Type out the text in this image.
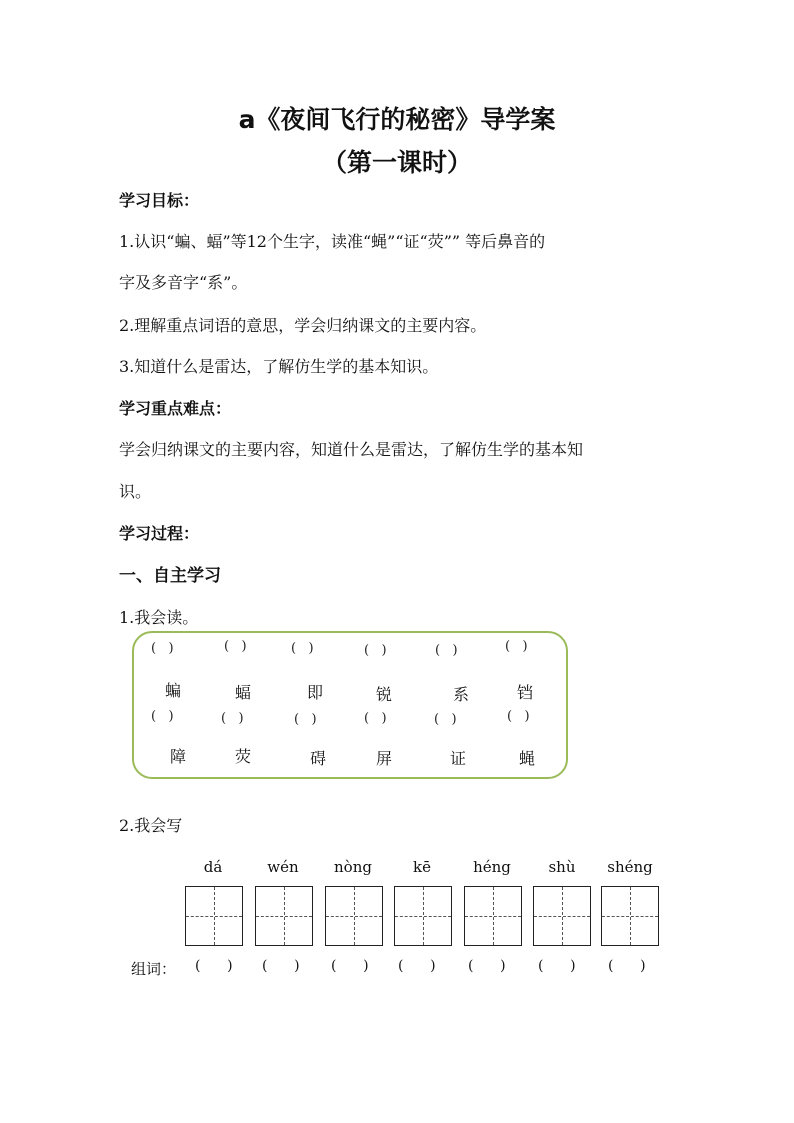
a《夜间飞行的秘密》导学案
（第一课时）
学习目标：
1.认识“蝙、蝠”等12个生字，读准“蝇”“证“荧”” 等后鼻音的
字及多音字“系”。
2.理解重点词语的意思，学会归纳课文的主要内容。
3.知道什么是雷达，了解仿生学的基本知识。
学习重点难点：
学会归纳课文的主要内容，知道什么是雷达，了解仿生学的基本知
识。
学习过程：
一、自主学习
1.我会读。
(   )	(   )	(   )	(   )	(   )	(   )
蝙	蝠	即	锐	系	铛
(   )	(   )	(   )	(   )	(   )	(   )
障	荧	碍	屏	证	蝇
2.我会写
dá	wén	nòng	kē	héng	shù	shéng
组词： (      ) (      ) (      ) (      ) (      ) (      ) (      )
